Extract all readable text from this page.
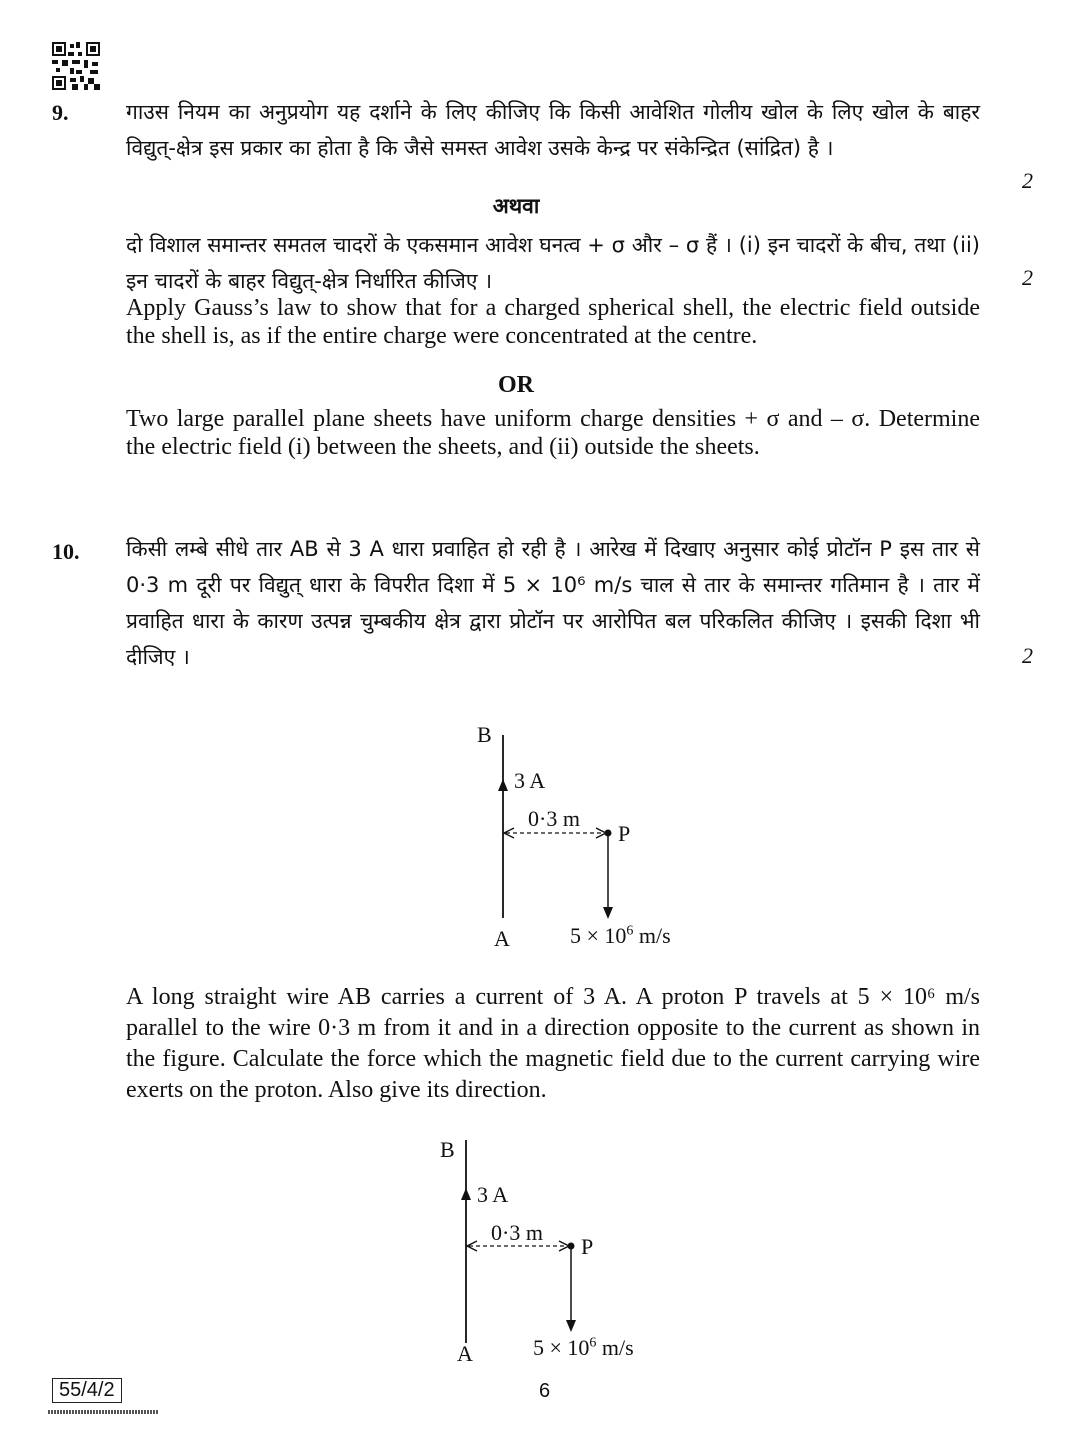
9.	गाउस नियम का अनुप्रयोग यह दर्शाने के लिए कीजिए कि किसी आवेशित गोलीय खोल के लिए खोल के बाहर विद्युत्-क्षेत्र इस प्रकार का होता है कि जैसे समस्त आवेश उसके केन्द्र पर संकेन्द्रित (सांद्रित) है ।
2
अथवा
दो विशाल समान्तर समतल चादरों के एकसमान आवेश घनत्व + σ और – σ हैं । (i) इन चादरों के बीच, तथा (ii) इन चादरों के बाहर विद्युत्-क्षेत्र निर्धारित कीजिए ।	2
Apply Gauss’s law to show that for a charged spherical shell, the electric field outside the shell is, as if the entire charge were concentrated at the centre.
OR
Two large parallel plane sheets have uniform charge densities + σ and – σ. Determine the electric field (i) between the sheets, and (ii) outside the sheets.
10. किसी लम्बे सीधे तार AB से 3 A धारा प्रवाहित हो रही है । आरेख में दिखाए अनुसार कोई प्रोटॉन P इस तार से 0·3 m दूरी पर विद्युत् धारा के विपरीत दिशा में 5 × 10⁶ m/s चाल से तार के समान्तर गतिमान है । तार में प्रवाहित धारा के कारण उत्पन्न चुम्बकीय क्षेत्र द्वारा प्रोटॉन पर आरोपित बल परिकलित कीजिए । इसकी दिशा भी दीजिए ।	2
B
3 A
0·3 m
P
A	$5 \times 10^6$ m/s
A long straight wire AB carries a current of 3 A. A proton P travels at 5 × 10⁶ m/s parallel to the wire 0·3 m from it and in a direction opposite to the current as shown in the figure. Calculate the force which the magnetic field due to the current carrying wire exerts on the proton. Also give its direction.
B
3 A
0·3 m
P
A	$5 \times 10^6$ m/s
55/4/2	6
